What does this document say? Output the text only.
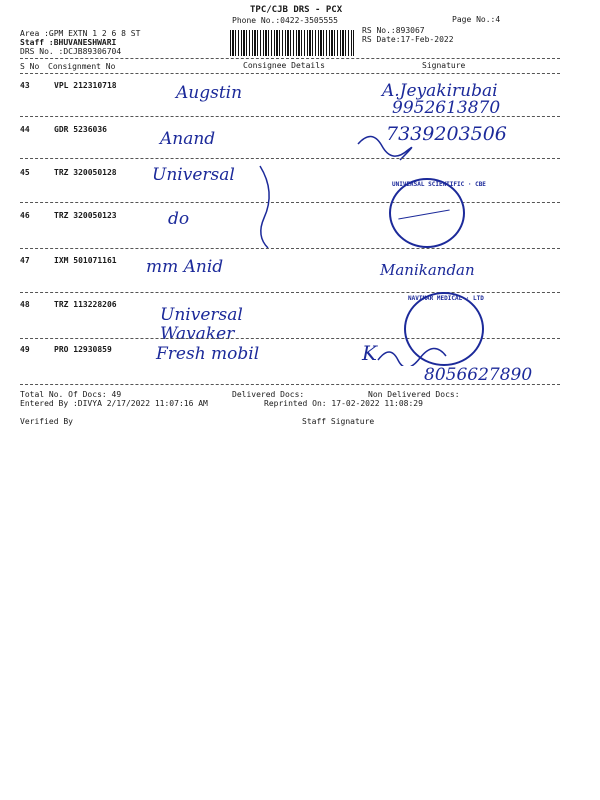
TPC/CJB DRS - PCX
Phone No.:0422-3505555	Page No.:4
Area :GPM EXTN 1 2 6 8 ST
Staff :BHUVANESHWARI
DRS No. :DCJB89306704
RS No.:893067
RS Date:17-Feb-2022
S No Consignment No	Consignee Details	Signature
43	VPL 212310718	Augstin	A.Jeyakirubai
9952613870
44	GDR 5236036	Anand	7339203506
45	TRZ 320050128 Universal
46	TRZ 320050123	do
UNIVERSAL SCIENTIFIC · CBE
47	IXM 501071161 mm Anid	Manikandan
48	TRZ 113228206
Universal Wavaker
NAVIMAR MEDICAL · LTD
49	PRO 12930859	Fresh mobil	K
8056627890
Total No. Of Docs: 49	Delivered Docs:	Non Delivered Docs:
Entered By :DIVYA 2/17/2022 11:07:16 AM	Reprinted On: 17-02-2022 11:08:29
Verified By	Staff Signature
